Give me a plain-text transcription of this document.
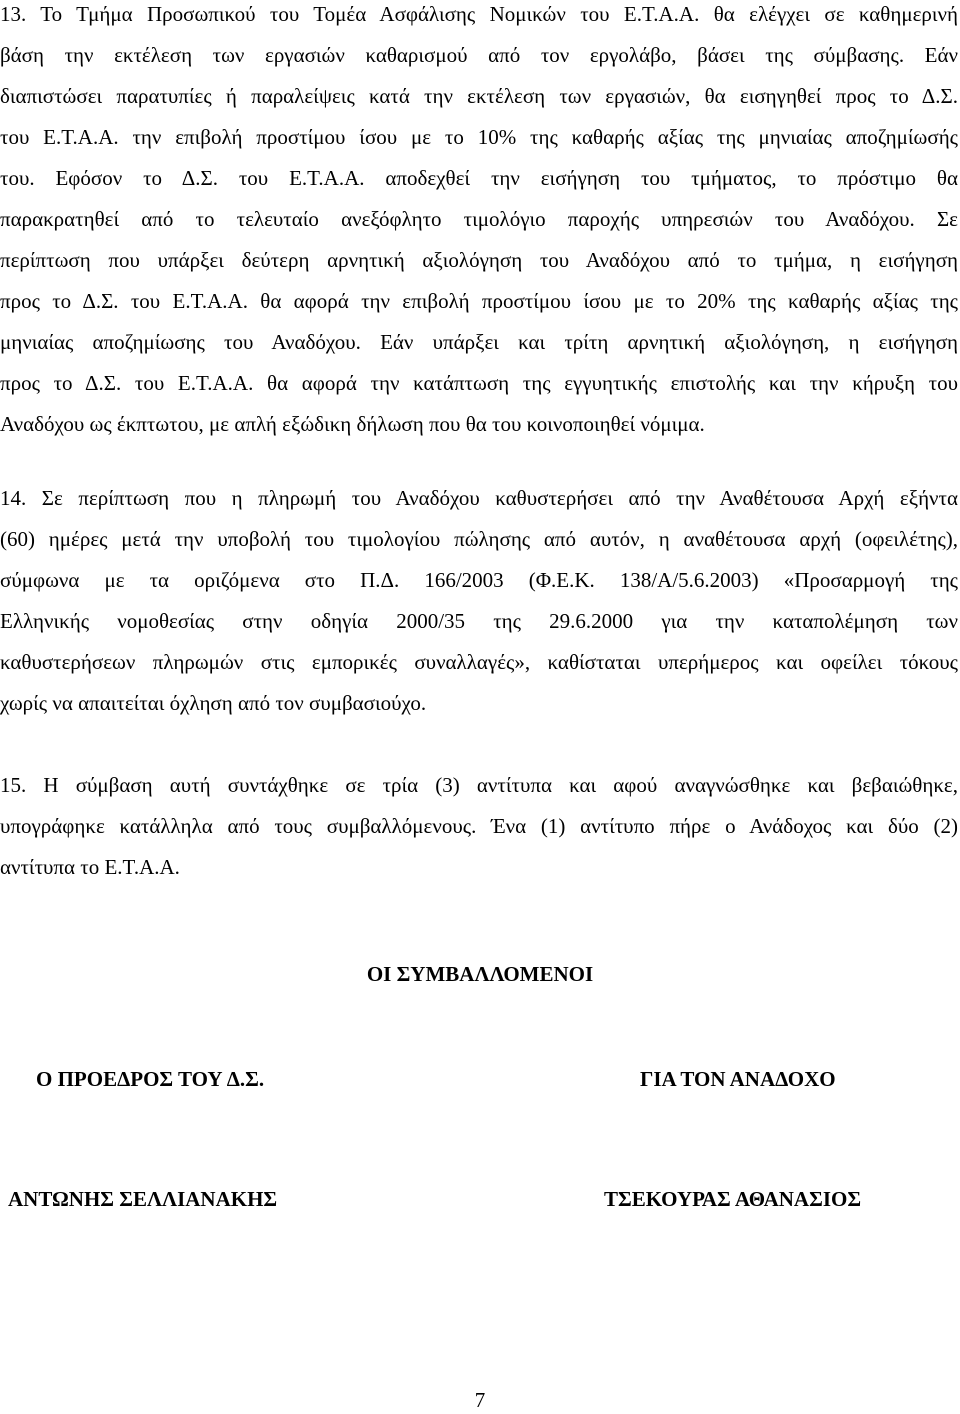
13. Το Τμήμα Προσωπικού του Τομέα Ασφάλισης Νομικών του Ε.Τ.Α.Α. θα ελέγχει σε καθημερινή
βάση την εκτέλεση των εργασιών καθαρισμού από τον εργολάβο, βάσει της σύμβασης. Εάν
διαπιστώσει παρατυπίες ή παραλείψεις κατά την εκτέλεση των εργασιών, θα εισηγηθεί προς το Δ.Σ.
του Ε.Τ.Α.Α. την επιβολή προστίμου ίσου με το 10% της καθαρής αξίας της μηνιαίας αποζημίωσής
του. Εφόσον το Δ.Σ. του Ε.Τ.Α.Α. αποδεχθεί την εισήγηση του τμήματος, το πρόστιμο θα
παρακρατηθεί από το τελευταίο ανεξόφλητο τιμολόγιο παροχής υπηρεσιών του Αναδόχου. Σε
περίπτωση που υπάρξει δεύτερη αρνητική αξιολόγηση του Αναδόχου από το τμήμα, η εισήγηση
προς το Δ.Σ. του Ε.Τ.Α.Α. θα αφορά την επιβολή προστίμου ίσου με το 20% της καθαρής αξίας της
μηνιαίας αποζημίωσης του Αναδόχου. Εάν υπάρξει και τρίτη αρνητική αξιολόγηση, η εισήγηση
προς το Δ.Σ. του Ε.Τ.Α.Α. θα αφορά την κατάπτωση της εγγυητικής επιστολής και την κήρυξη του
Αναδόχου ως έκπτωτου, με απλή εξώδικη δήλωση που θα του κοινοποιηθεί νόμιμα.
14. Σε περίπτωση που η πληρωμή του Αναδόχου καθυστερήσει από την Αναθέτουσα Αρχή εξήντα
(60) ημέρες μετά την υποβολή του τιμολογίου πώλησης από αυτόν, η αναθέτουσα αρχή (οφειλέτης),
σύμφωνα με τα οριζόμενα στο Π.Δ. 166/2003 (Φ.Ε.Κ. 138/Α/5.6.2003) «Προσαρμογή της
Ελληνικής νομοθεσίας στην οδηγία 2000/35 της 29.6.2000 για την καταπολέμηση των
καθυστερήσεων πληρωμών στις εμπορικές συναλλαγές», καθίσταται υπερήμερος και οφείλει τόκους
χωρίς να απαιτείται όχληση από τον συμβασιούχο.
15. Η σύμβαση αυτή συντάχθηκε σε τρία (3) αντίτυπα και αφού αναγνώσθηκε και βεβαιώθηκε,
υπογράφηκε κατάλληλα από τους συμβαλλόμενους. Ένα (1) αντίτυπο πήρε ο Ανάδοχος και δύο (2)
αντίτυπα το Ε.Τ.Α.Α.
ΟΙ ΣΥΜΒΑΛΛΟΜΕΝΟΙ
Ο ΠΡΟΕΔΡΟΣ ΤΟΥ Δ.Σ.	ΓΙΑ ΤΟΝ ΑΝΑΔΟΧΟ
ΑΝΤΩΝΗΣ ΣΕΛΛΙΑΝΑΚΗΣ	ΤΣΕΚΟΥΡΑΣ ΑΘΑΝΑΣΙΟΣ
7
